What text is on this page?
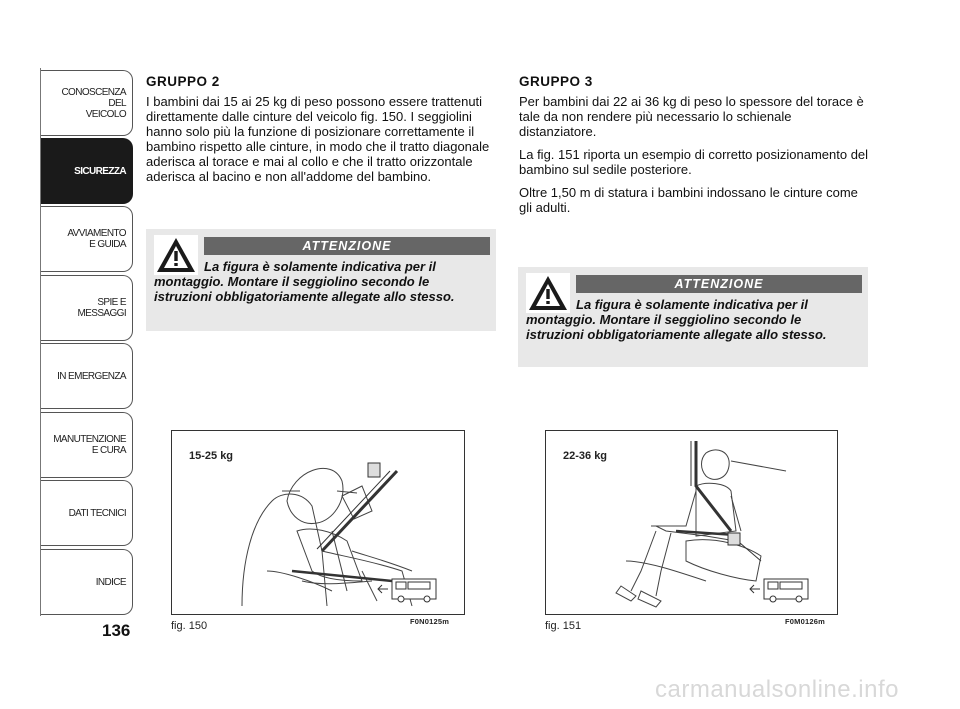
CONOSCENZA
DEL
VEICOLO
SICUREZZA
AVVIAMENTO
E GUIDA
SPIE E
MESSAGGI
IN EMERGENZA
MANUTENZIONE
E CURA
DATI TECNICI
INDICE
136
GRUPPO 2

I bambini dai 15 ai 25 kg di peso possono essere trattenuti direttamente dalle cinture del veicolo fig. 150. I seggiolini hanno solo più la funzione di posizionare correttamente il bambino rispetto alle cinture, in modo che il tratto diagonale aderisca al torace e mai al collo e che il tratto orizzontale aderisca al bacino e non all'addome del bambino.

ATTENZIONE
La figura è solamente indicativa per il montaggio. Montare il seggiolino secondo le istruzioni obbligatoriamente allegate allo stesso.
15-25 kg
fig. 150	F0N0125m
GRUPPO 3

Per bambini dai 22 ai 36 kg di peso lo spessore del torace è tale da non rendere più necessario lo schienale distanziatore.

La fig. 151 riporta un esempio di corretto posizionamento del bambino sul sedile posteriore.

Oltre 1,50 m di statura i bambini indossano le cinture come gli adulti.

ATTENZIONE
La figura è solamente indicativa per il montaggio. Montare il seggiolino secondo le istruzioni obbligatoriamente allegate allo stesso.
22-36 kg
fig. 151	F0M0126m
carmanualsonline.info
